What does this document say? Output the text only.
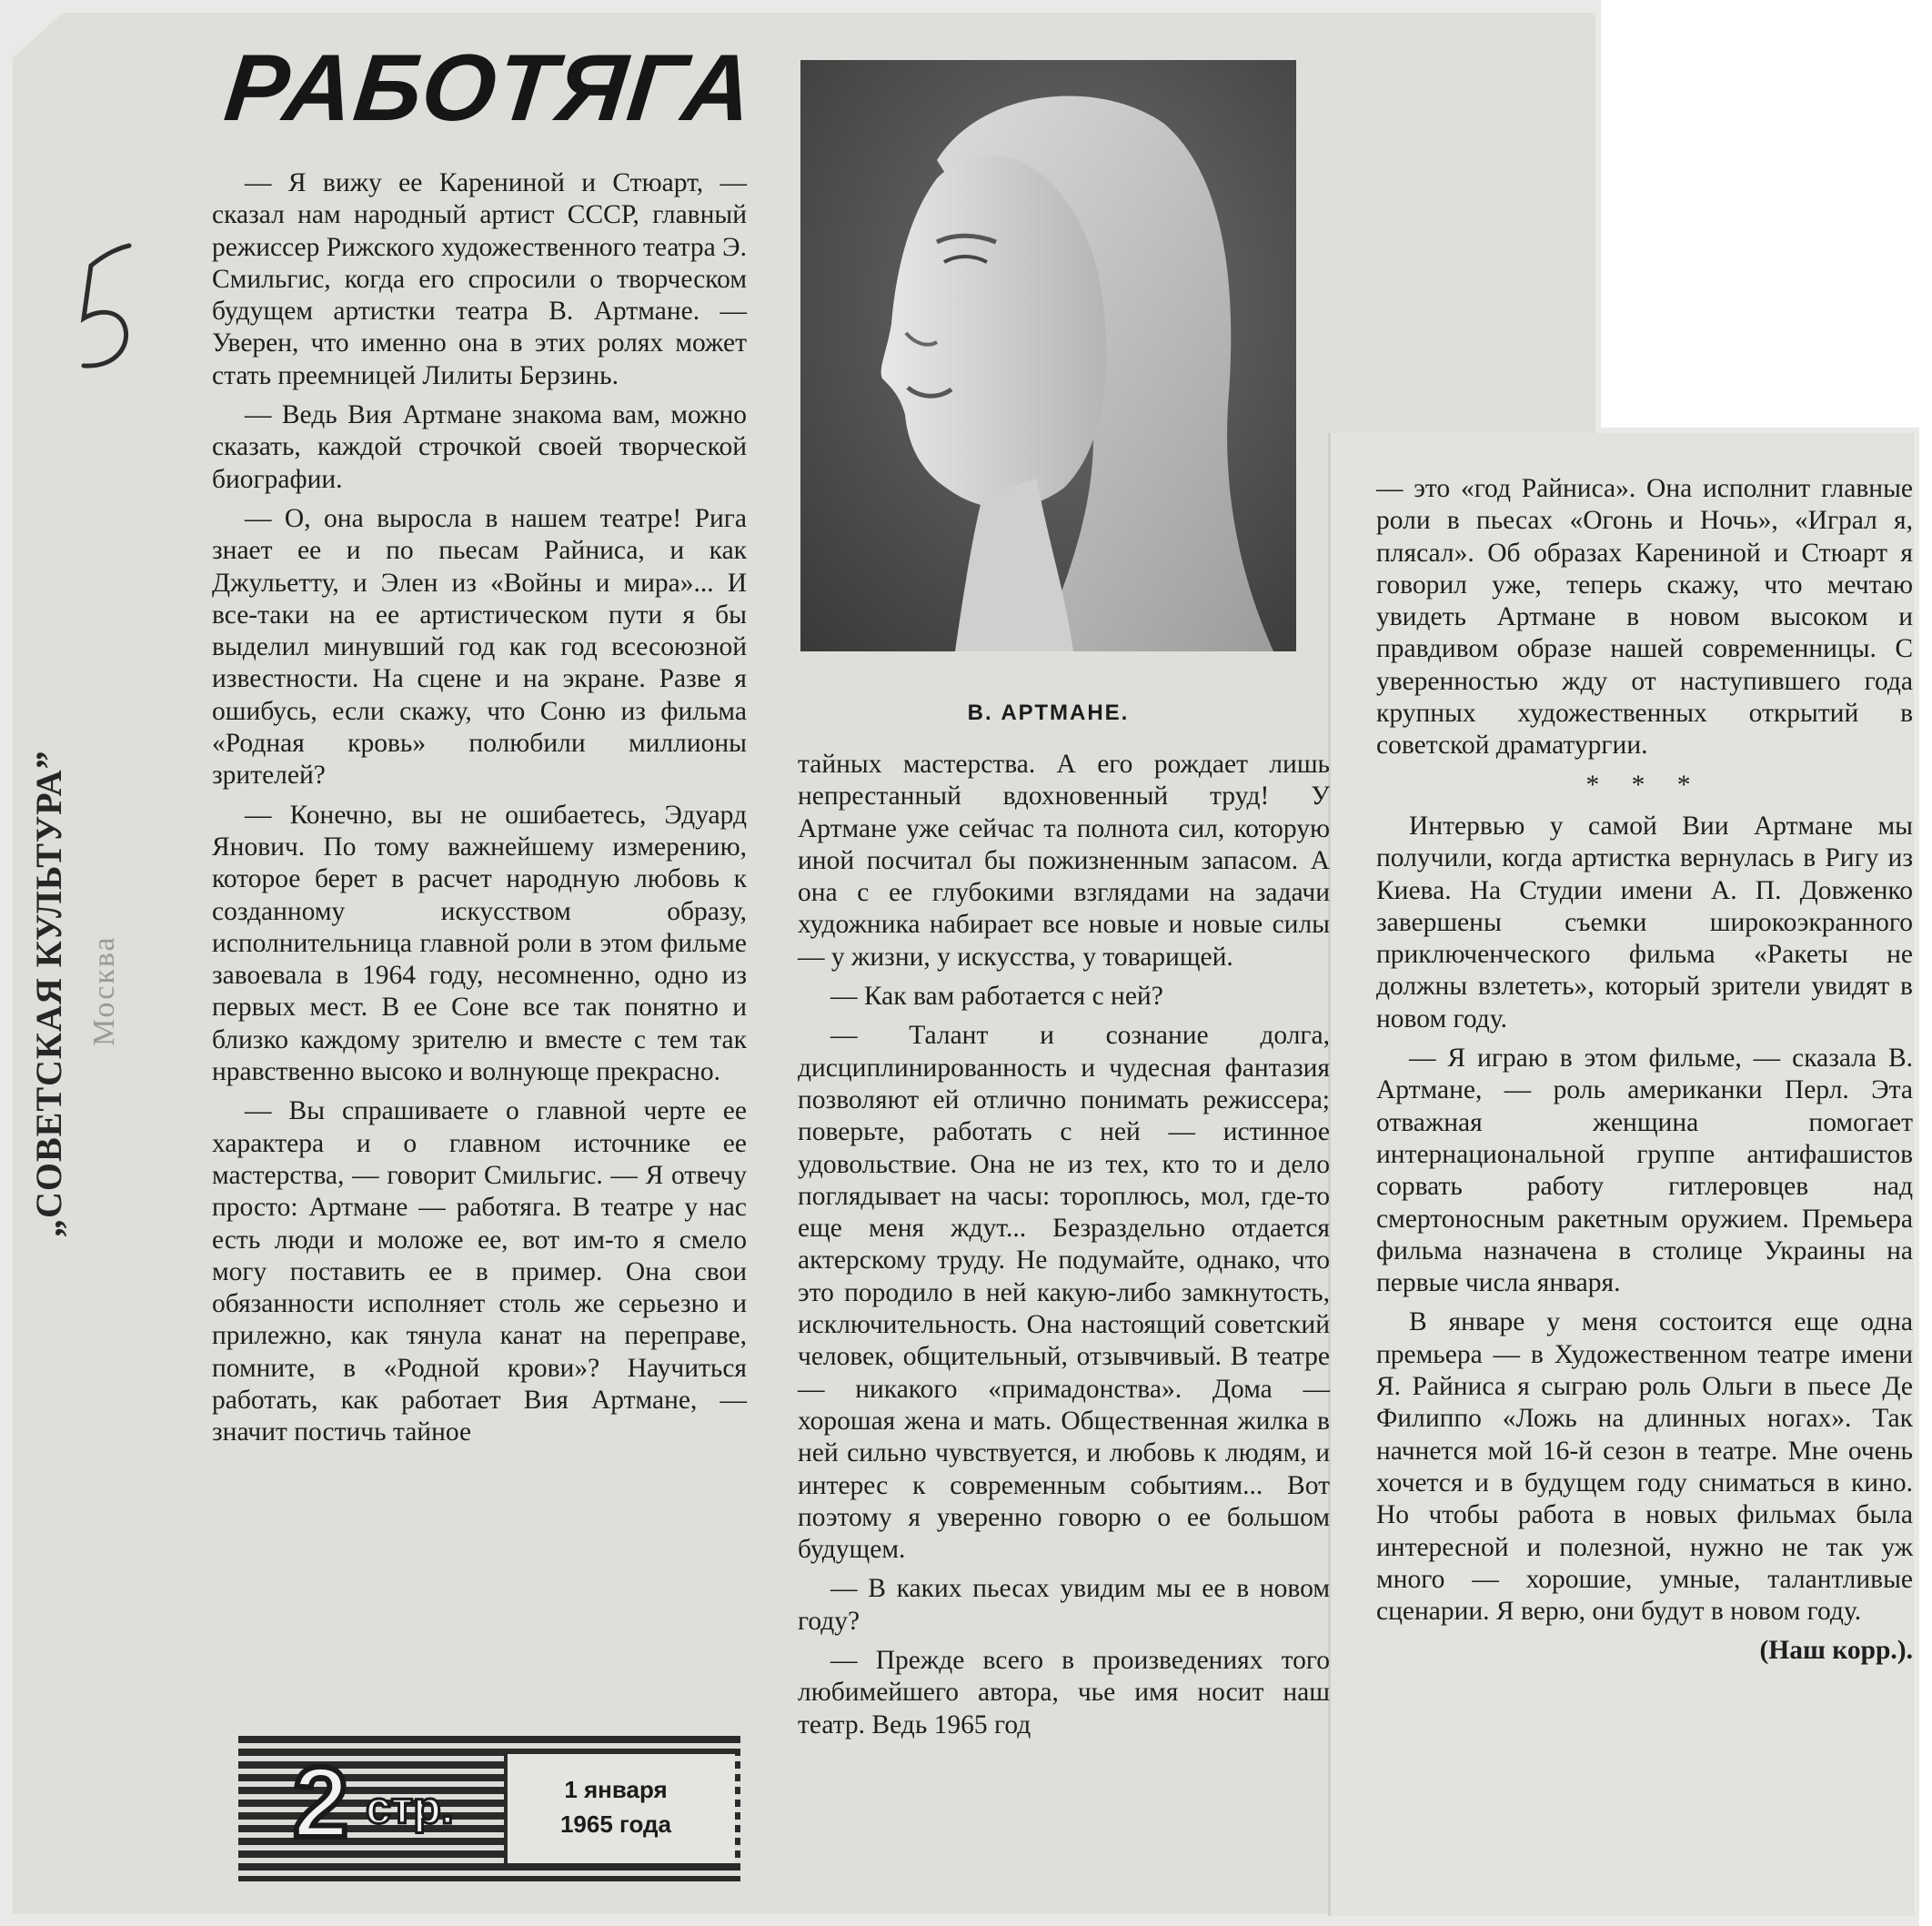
РАБОТЯГА
„СОВЕТСКАЯ КУЛЬТУРА” Москва

— Я вижу ее Карениной и Стюарт, — сказал нам народный артист СССР, главный режиссер Рижского художественного театра Э. Смильгис, когда его спросили о творческом будущем артистки театра В. Артмане. — Уверен, что именно она в этих ролях может стать преемницей Лилиты Берзинь.

— Ведь Вия Артмане знакома вам, можно сказать, каждой строчкой своей творческой биографии.

— О, она выросла в нашем театре! Рига знает ее и по пьесам Райниса, и как Джульетту, и Элен из «Войны и мира»... И все-таки на ее артистическом пути я бы выделил минувший год как год всесоюзной известности. На сцене и на экране. Разве я ошибусь, если скажу, что Соню из фильма «Родная кровь» полюбили миллионы зрителей?

— Конечно, вы не ошибаетесь, Эдуард Янович. По тому важнейшему измерению, которое берет в расчет народную любовь к созданному искусством образу, исполнительница главной роли в этом фильме завоевала в 1964 году, несомненно, одно из первых мест. В ее Соне все так понятно и близко каждому зрителю и вместе с тем так нравственно высоко и волнующе прекрасно.

— Вы спрашиваете о главной черте ее характера и о главном источнике ее мастерства, — говорит Смильгис. — Я отвечу просто: Артмане — работяга. В театре у нас есть люди и моложе ее, вот им-то я смело могу поставить ее в пример. Она свои обязанности исполняет столь же серьезно и прилежно, как тянула канат на переправе, помните, в «Родной крови»? Научиться работать, как работает Вия Артмане, — значит постичь тайное

В. АРТМАНЕ.

тайных мастерства. А его рождает лишь непрестанный вдохновенный труд! У Артмане уже сейчас та полнота сил, которую иной посчитал бы пожизненным запасом. А она с ее глубокими взглядами на задачи художника набирает все новые и новые силы — у жизни, у искусства, у товарищей.

— Как вам работается с ней?

— Талант и сознание долга, дисциплинированность и чудесная фантазия позволяют ей отлично понимать режиссера; поверьте, работать с ней — истинное удовольствие. Она не из тех, кто то и дело поглядывает на часы: тороплюсь, мол, где-то еще меня ждут... Безраздельно отдается актерскому труду. Не подумайте, однако, что это породило в ней какую-либо замкнутость, исключительность. Она настоящий советский человек, общительный, отзывчивый. В театре — никакого «примадонства». Дома — хорошая жена и мать. Общественная жилка в ней сильно чувствуется, и любовь к людям, и интерес к современным событиям... Вот поэтому я уверенно говорю о ее большом будущем.

— В каких пьесах увидим мы ее в новом году?

— Прежде всего в произведениях того любимейшего автора, чье имя носит наш театр. Ведь 1965 год

— это «год Райниса». Она исполнит главные роли в пьесах «Огонь и Ночь», «Играл я, плясал». Об образах Карениной и Стюарт я говорил уже, теперь скажу, что мечтаю увидеть Артмане в новом высоком и правдивом образе нашей современницы. С уверенностью жду от наступившего года крупных художественных открытий в советской драматургии.

* * *

Интервью у самой Вии Артмане мы получили, когда артистка вернулась в Ригу из Киева. На Студии имени А. П. Довженко завершены съемки широкоэкранного приключенческого фильма «Ракеты не должны взлететь», который зрители увидят в новом году.

— Я играю в этом фильме, — сказала В. Артмане, — роль американки Перл. Эта отважная женщина помогает интернациональной группе антифашистов сорвать работу гитлеровцев над смертоносным ракетным оружием. Премьера фильма назначена в столице Украины на первые числа января.

В январе у меня состоится еще одна премьера — в Художественном театре имени Я. Райниса я сыграю роль Ольги в пьесе Де Филиппо «Ложь на длинных ногах». Так начнется мой 16-й сезон в театре. Мне очень хочется и в будущем году сниматься в кино. Но чтобы работа в новых фильмах была интересной и полезной, нужно не так уж много — хорошие, умные, талантливые сценарии. Я верю, они будут в новом году.

(Наш корр.).

2 стр.	1 января
1965 года
